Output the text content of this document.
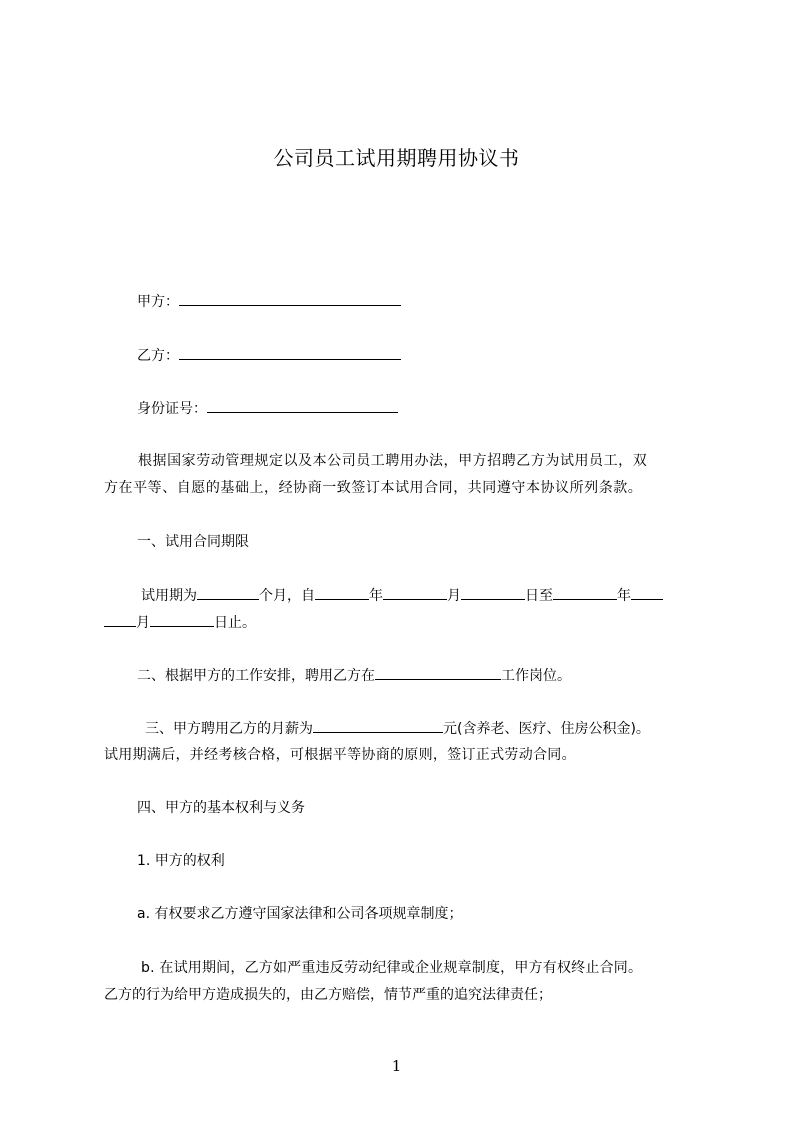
公司员工试用期聘用协议书
甲方：
乙方：
身份证号：
根据国家劳动管理规定以及本公司员工聘用办法，甲方招聘乙方为试用员工，双
方在平等、自愿的基础上，经协商一致签订本试用合同，共同遵守本协议所列条款。
一、试用合同期限
试用期为	个月，自	年	月	日至	年
月	日止。
二、根据甲方的工作安排，聘用乙方在	工作岗位。
三、甲方聘用乙方的月薪为	元(含养老、医疗、住房公积金)。
试用期满后，并经考核合格，可根据平等协商的原则，签订正式劳动合同。
四、甲方的基本权利与义务
1. 甲方的权利
a. 有权要求乙方遵守国家法律和公司各项规章制度；
b. 在试用期间，乙方如严重违反劳动纪律或企业规章制度，甲方有权终止合同。
乙方的行为给甲方造成损失的，由乙方赔偿，情节严重的追究法律责任；
1
